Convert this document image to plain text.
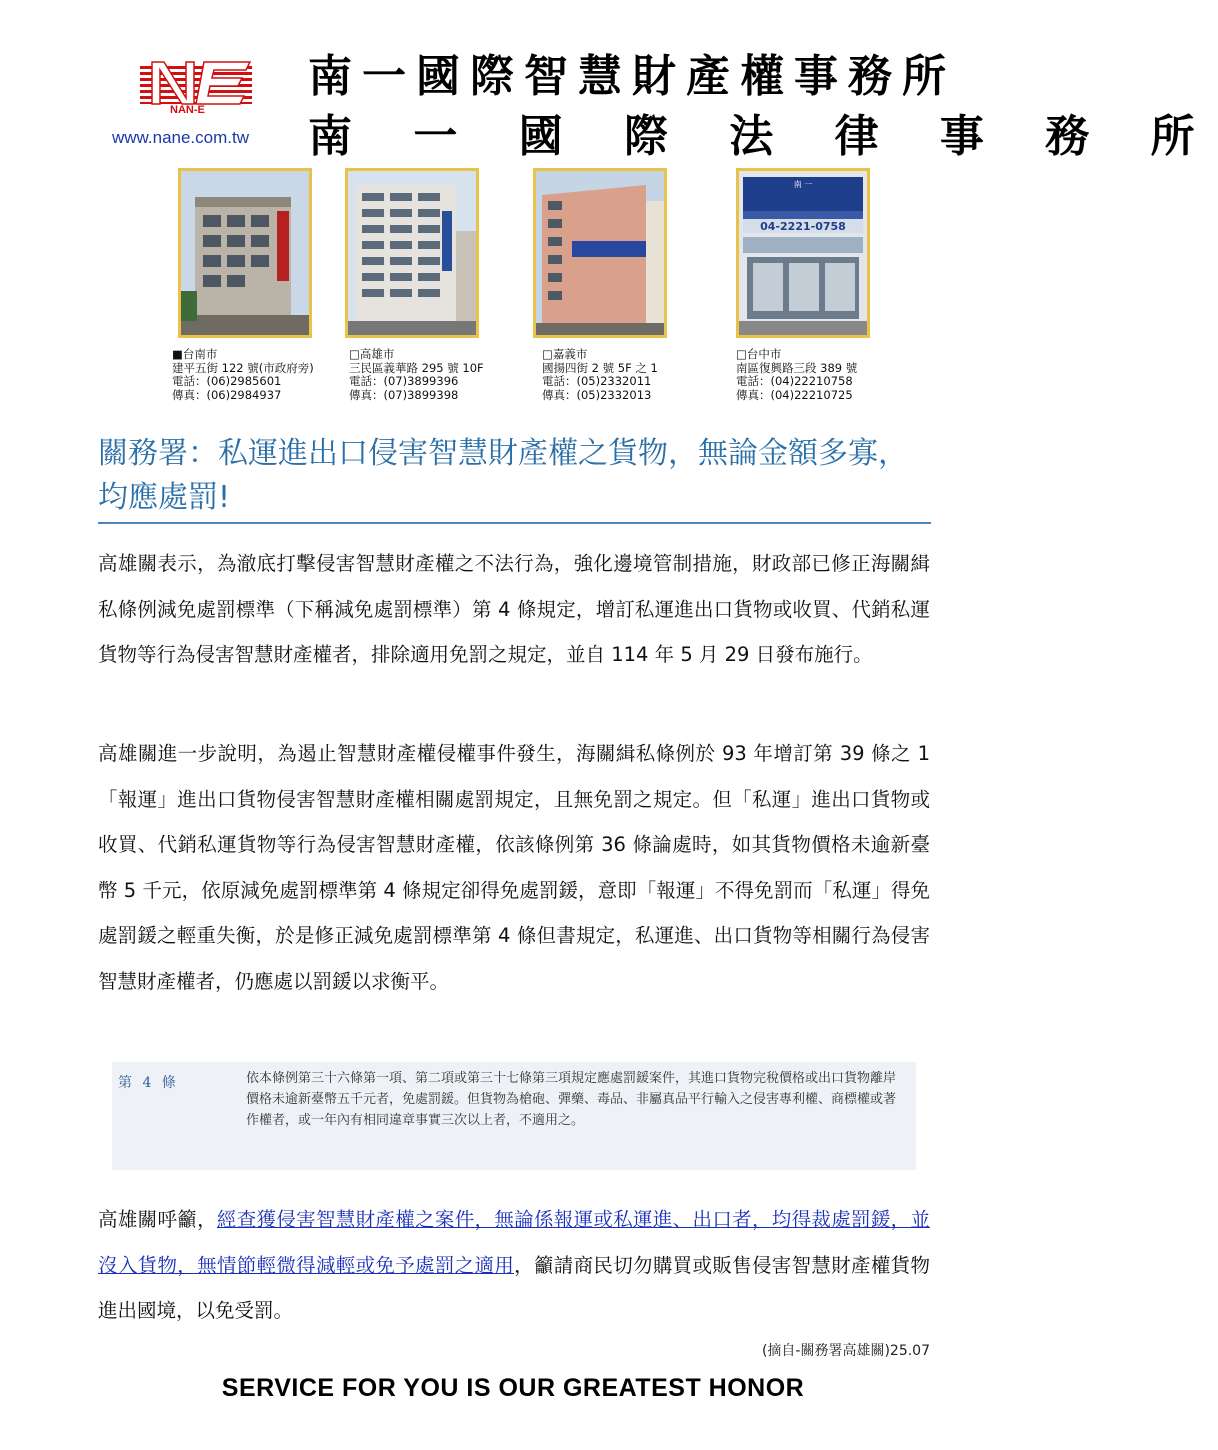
NAN-E
www.nane.com.tw
南一國際智慧財產權事務所
南 一 國 際 法 律 事 務 所
南 一
04-2221-0758
■台南市
建平五街 122 號(市政府旁)
電話：(06)2985601
傳真：(06)2984937
□高雄市
三民區義華路 295 號 10F
電話：(07)3899396
傳真：(07)3899398
□嘉義市
國揚四街 2 號 5F 之 1
電話：(05)2332011
傳真：(05)2332013
□台中市
南區復興路三段 389 號
電話：(04)22210758
傳真：(04)22210725
關務署：私運進出口侵害智慧財產權之貨物，無論金額多寡，均應處罰!
高雄關表示，為澈底打擊侵害智慧財產權之不法行為，強化邊境管制措施，財政部已修正海關緝私條例減免處罰標準（下稱減免處罰標準）第 4 條規定，增訂私運進出口貨物或收買、代銷私運貨物等行為侵害智慧財產權者，排除適用免罰之規定，並自 114 年 5 月 29 日發布施行。
高雄關進一步說明，為遏止智慧財產權侵權事件發生，海關緝私條例於 93 年增訂第 39 條之 1「報運」進出口貨物侵害智慧財產權相關處罰規定，且無免罰之規定。但「私運」進出口貨物或收買、代銷私運貨物等行為侵害智慧財產權，依該條例第 36 條論處時，如其貨物價格未逾新臺幣 5 千元，依原減免處罰標準第 4 條規定卻得免處罰鍰，意即「報運」不得免罰而「私運」得免處罰鍰之輕重失衡，於是修正減免處罰標準第 4 條但書規定，私運進、出口貨物等相關行為侵害智慧財產權者，仍應處以罰鍰以求衡平。
第 4 條	依本條例第三十六條第一項、第二項或第三十七條第三項規定應處罰鍰案件，其進口貨物完稅價格或出口貨物離岸價格未逾新臺幣五千元者，免處罰鍰。但貨物為槍砲、彈藥、毒品、非屬真品平行輸入之侵害專利權、商標權或著作權者，或一年內有相同違章事實三次以上者，不適用之。
高雄關呼籲，經查獲侵害智慧財產權之案件，無論係報運或私運進、出口者，均得裁處罰鍰，並沒入貨物，無情節輕微得減輕或免予處罰之適用，籲請商民切勿購買或販售侵害智慧財產權貨物進出國境，以免受罰。
(摘自-關務署高雄關)25.07
SERVICE FOR YOU IS OUR GREATEST HONOR
